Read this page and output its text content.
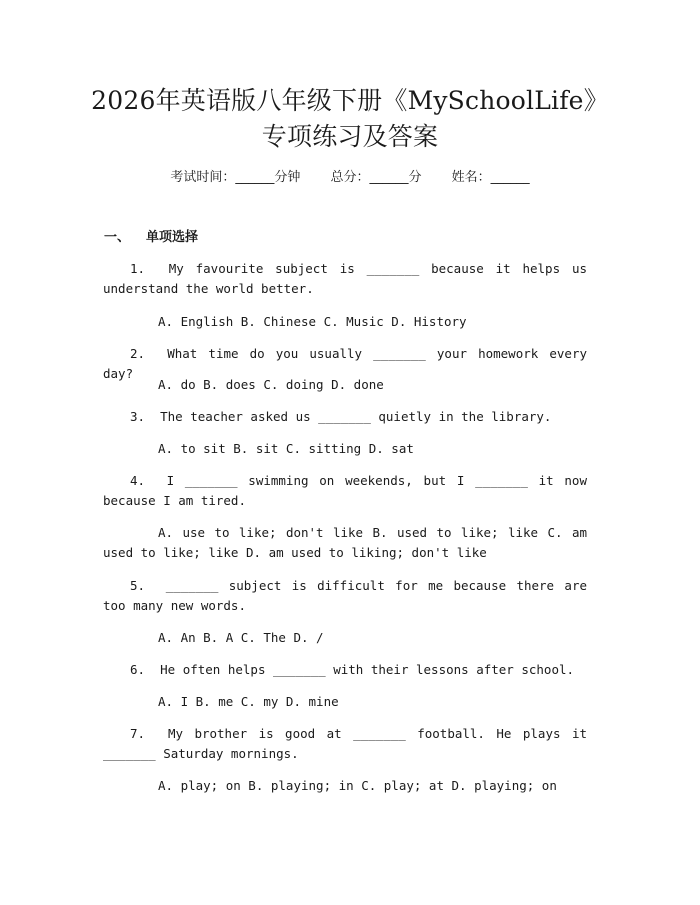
2026年英语版八年级下册《MySchoolLife》
专项练习及答案
考试时间：______分钟 总分：______分 姓名：______
一、 单项选择
1. My favourite subject is _______ because it helps us understand the world better.
A. English B. Chinese C. Music D. History
2. What time do you usually _______ your homework every day?
A. do B. does C. doing D. done
3. The teacher asked us _______ quietly in the library.
A. to sit B. sit C. sitting D. sat
4. I _______ swimming on weekends, but I _______ it now because I am tired.
A. use to like; don't like B. used to like; like C. am used to like; like D. am used to liking; don't like
5. _______ subject is difficult for me because there are too many new words.
A. An B. A C. The D. /
6. He often helps _______ with their lessons after school.
A. I B. me C. my D. mine
7. My brother is good at _______ football. He plays it _______ Saturday mornings.
A. play; on B. playing; in C. play; at D. playing; on
